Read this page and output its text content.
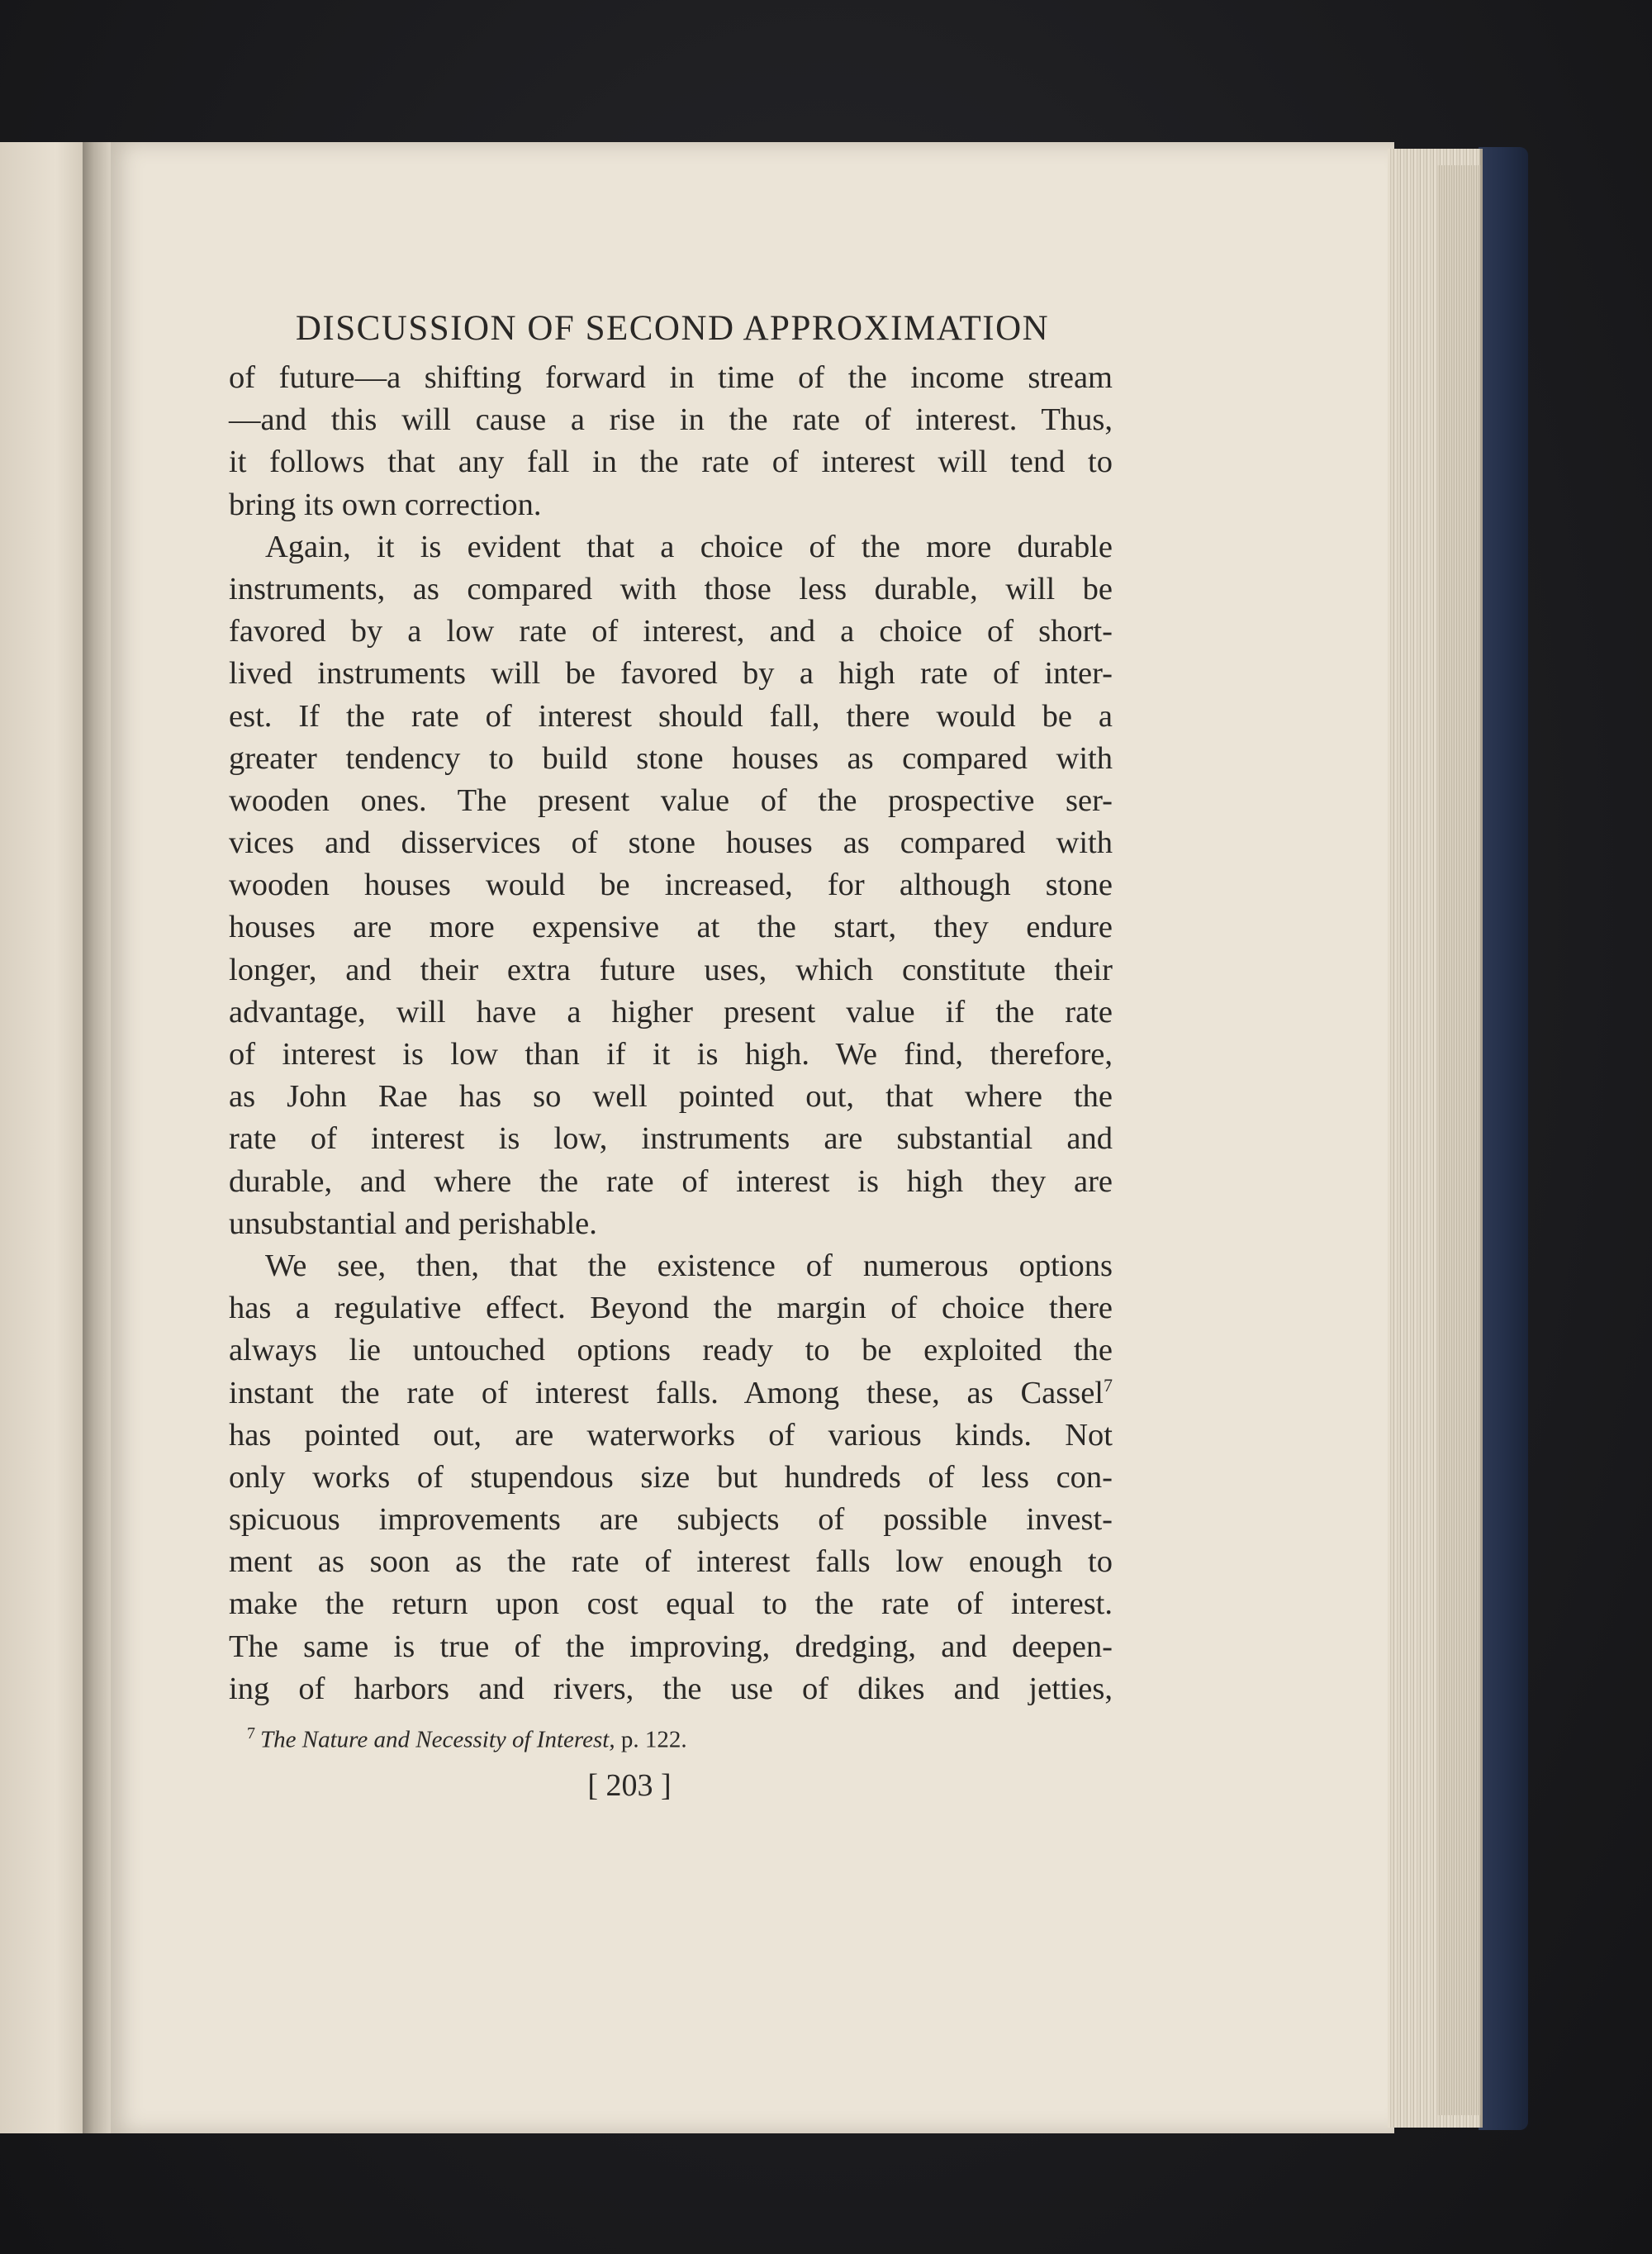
DISCUSSION OF SECOND APPROXIMATION
of future—a shifting forward in time of the income stream
—and this will cause a rise in the rate of interest. Thus,
it follows that any fall in the rate of interest will tend to
bring its own correction.
Again, it is evident that a choice of the more durable
instruments, as compared with those less durable, will be
favored by a low rate of interest, and a choice of short-
lived instruments will be favored by a high rate of inter-
est. If the rate of interest should fall, there would be a
greater tendency to build stone houses as compared with
wooden ones. The present value of the prospective ser-
vices and disservices of stone houses as compared with
wooden houses would be increased, for although stone
houses are more expensive at the start, they endure
longer, and their extra future uses, which constitute their
advantage, will have a higher present value if the rate
of interest is low than if it is high. We find, therefore,
as John Rae has so well pointed out, that where the
rate of interest is low, instruments are substantial and
durable, and where the rate of interest is high they are
unsubstantial and perishable.
We see, then, that the existence of numerous options
has a regulative effect. Beyond the margin of choice there
always lie untouched options ready to be exploited the
instant the rate of interest falls. Among these, as Cassel$^7$
has pointed out, are waterworks of various kinds. Not
only works of stupendous size but hundreds of less con-
spicuous improvements are subjects of possible invest-
ment as soon as the rate of interest falls low enough to
make the return upon cost equal to the rate of interest.
The same is true of the improving, dredging, and deepen-
ing of harbors and rivers, the use of dikes and jetties,
$^7$ The Nature and Necessity of Interest, p. 122.
[ 203 ]
